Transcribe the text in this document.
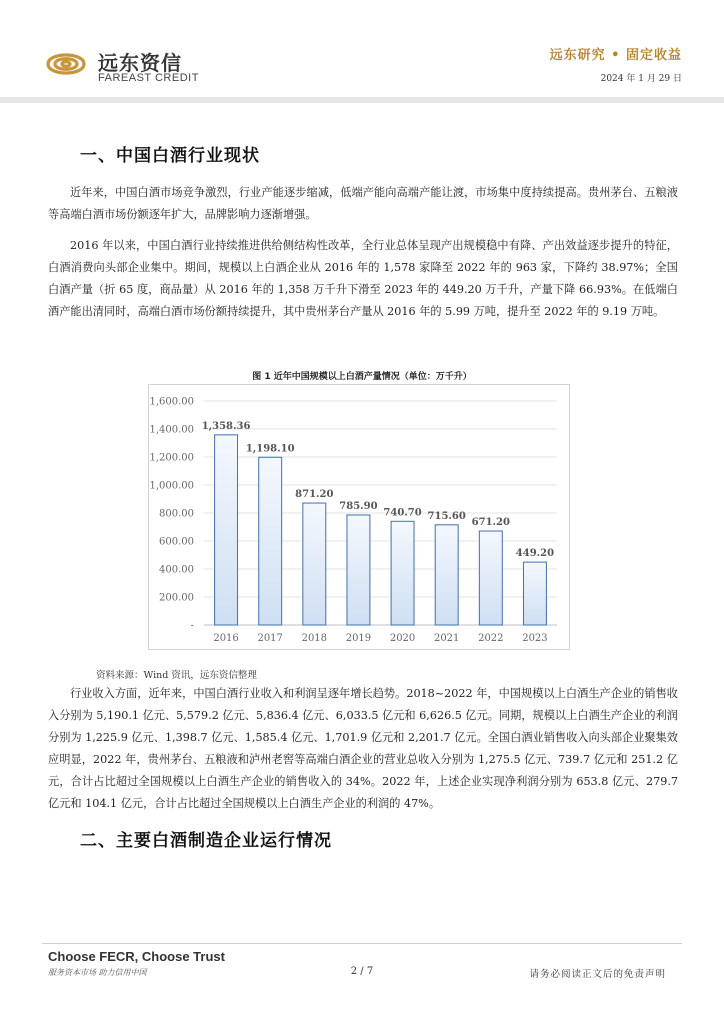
远东资信
FAREAST CREDIT
远东研究 • 固定收益
2024 年 1 月 29 日
一、中国白酒行业现状
近年来，中国白酒市场竞争激烈，行业产能逐步缩减，低端产能向高端产能让渡，市场集中度持续提高。贵州茅台、五粮液等高端白酒市场份额逐年扩大，品牌影响力逐渐增强。
2016 年以来，中国白酒行业持续推进供给侧结构性改革，全行业总体呈现产出规模稳中有降、产出效益逐步提升的特征，白酒消费向头部企业集中。期间，规模以上白酒企业从 2016 年的 1,578 家降至 2022 年的 963 家，下降约 38.97%；全国白酒产量（折 65 度，商品量）从 2016 年的 1,358 万千升下滑至 2023 年的 449.20 万千升，产量下降 66.93%。在低端白酒产能出清同时，高端白酒市场份额持续提升，其中贵州茅台产量从 2016 年的 5.99 万吨，提升至 2022 年的 9.19 万吨。
图 1 近年中国规模以上白酒产量情况（单位：万千升）
-
200.00
400.00
600.00
800.00
1,000.00
1,200.00
1,400.00
1,600.00
1,358.36
2016
1,198.10
2017
871.20
2018
785.90
2019
740.70
2020
715.60
2021
671.20
2022
449.20
2023
资料来源：Wind 资讯，远东资信整理
行业收入方面，近年来，中国白酒行业收入和利润呈逐年增长趋势。2018~2022 年，中国规模以上白酒生产企业的销售收入分别为 5,190.1 亿元、5,579.2 亿元、5,836.4 亿元、6,033.5 亿元和 6,626.5 亿元。同期，规模以上白酒生产企业的利润分别为 1,225.9 亿元、1,398.7 亿元、1,585.4 亿元、1,701.9 亿元和 2,201.7 亿元。全国白酒业销售收入向头部企业聚集效应明显，2022 年，贵州茅台、五粮液和泸州老窖等高端白酒企业的营业总收入分别为 1,275.5 亿元、739.7 亿元和 251.2 亿元，合计占比超过全国规模以上白酒生产企业的销售收入的 34%。2022 年，上述企业实现净利润分别为 653.8 亿元、279.7 亿元和 104.1 亿元，合计占比超过全国规模以上白酒生产企业的利润的 47%。
二、主要白酒制造企业运行情况
Choose FECR, Choose Trust
服务资本市场 助力信用中国	2 / 7	请务必阅读正文后的免责声明
